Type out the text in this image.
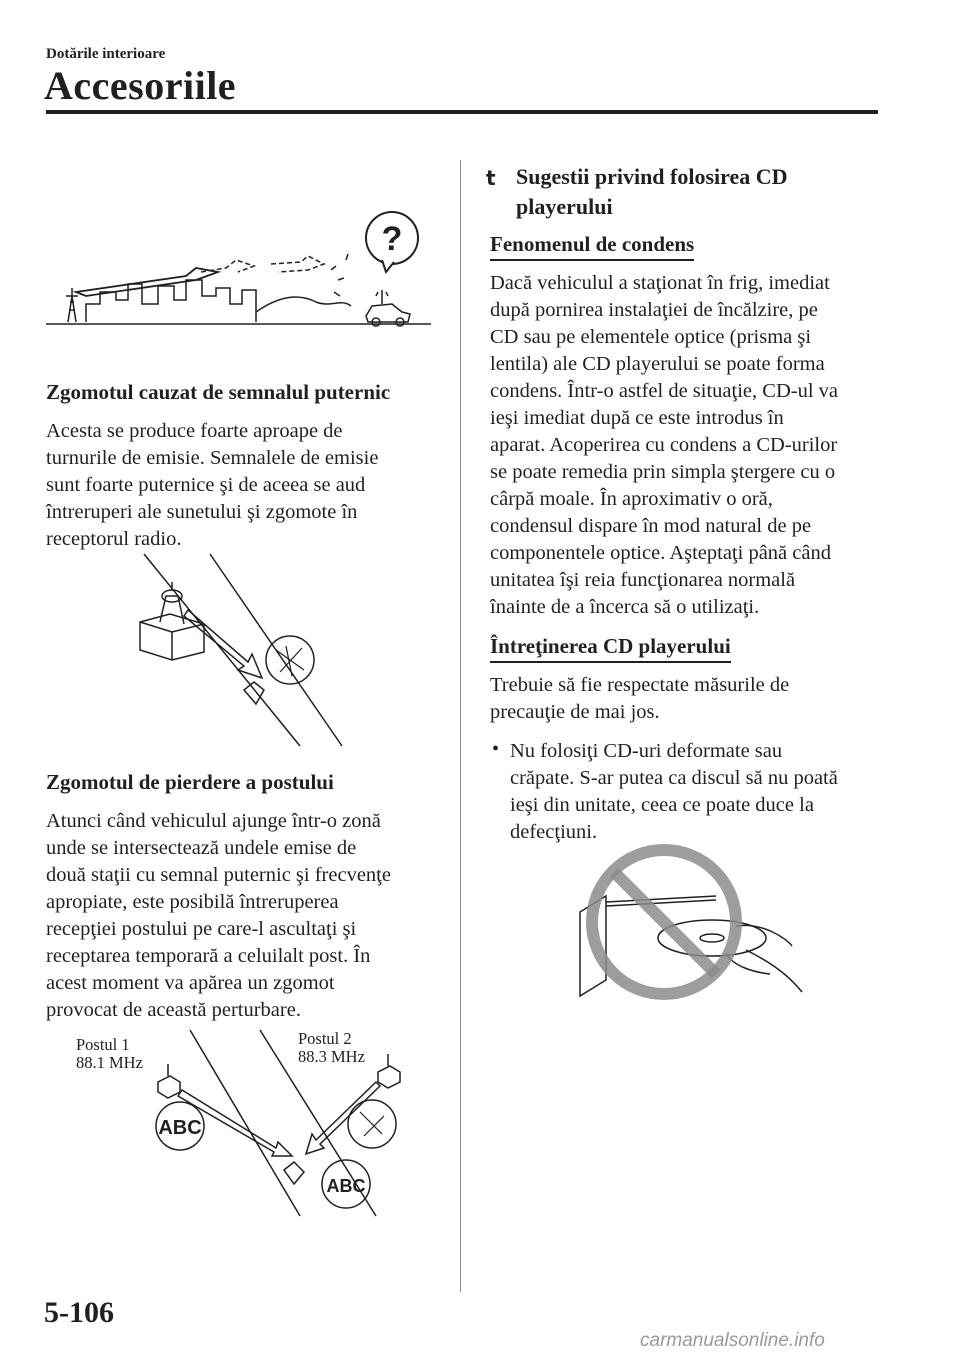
Dotările interioare
Accesoriile
?
Zgomotul cauzat de semnalul puternic
Acesta se produce foarte aproape de
turnurile de emisie. Semnalele de emisie
sunt foarte puternice şi de aceea se aud
întreruperi ale sunetului şi zgomote în
receptorul radio.
Zgomotul de pierdere a postului
Atunci când vehiculul ajunge într-o zonă
unde se intersectează undele emise de
două staţii cu semnal puternic şi frecvenţe
apropiate, este posibilă întreruperea
recepţiei postului pe care-l ascultaţi şi
receptarea temporară a celuilalt post. În
acest moment va apărea un zgomot
provocat de această perturbare.
Postul 1
88.1 MHz
Postul 2
88.3 MHz
ABC
ABC
t Sugestii privind folosirea CD
playerului
Fenomenul de condens
Dacă vehiculul a staţionat în frig, imediat
după pornirea instalaţiei de încălzire, pe
CD sau pe elementele optice (prisma şi
lentila) ale CD playerului se poate forma
condens. Într-o astfel de situaţie, CD-ul va
ieşi imediat după ce este introdus în
aparat. Acoperirea cu condens a CD-urilor
se poate remedia prin simpla ştergere cu o
cârpă moale. În aproximativ o oră,
condensul dispare în mod natural de pe
componentele optice. Aşteptaţi până când
unitatea îşi reia funcţionarea normală
înainte de a încerca să o utilizaţi.
Întreţinerea CD playerului
Trebuie să fie respectate măsurile de
precauţie de mai jos.
• Nu folosiţi CD-uri deformate sau
crăpate. S-ar putea ca discul să nu poată
ieşi din unitate, ceea ce poate duce la
defecţiuni.
5-106
carmanualsonline.info
